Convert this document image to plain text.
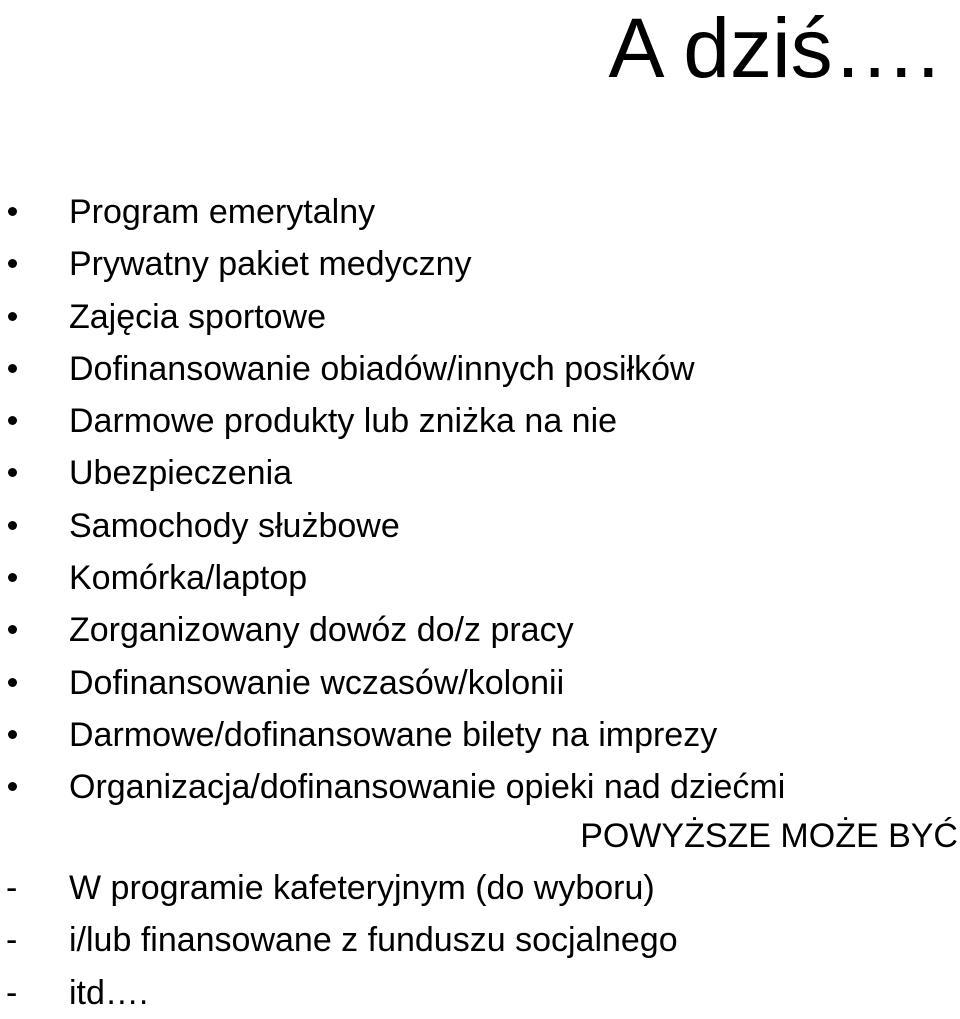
A dziś….
Program emerytalny
Prywatny pakiet medyczny
Zajęcia sportowe
Dofinansowanie obiadów/innych posiłków
Darmowe produkty lub zniżka na nie
Ubezpieczenia
Samochody służbowe
Komórka/laptop
Zorganizowany dowóz do/z pracy
Dofinansowanie wczasów/kolonii
Darmowe/dofinansowane bilety na imprezy
Organizacja/dofinansowanie opieki nad dziećmi

POWYŻSZE MOŻE BYĆ

- W programie kafeteryjnym (do wyboru)
- i/lub finansowane z funduszu socjalnego
- itd….
